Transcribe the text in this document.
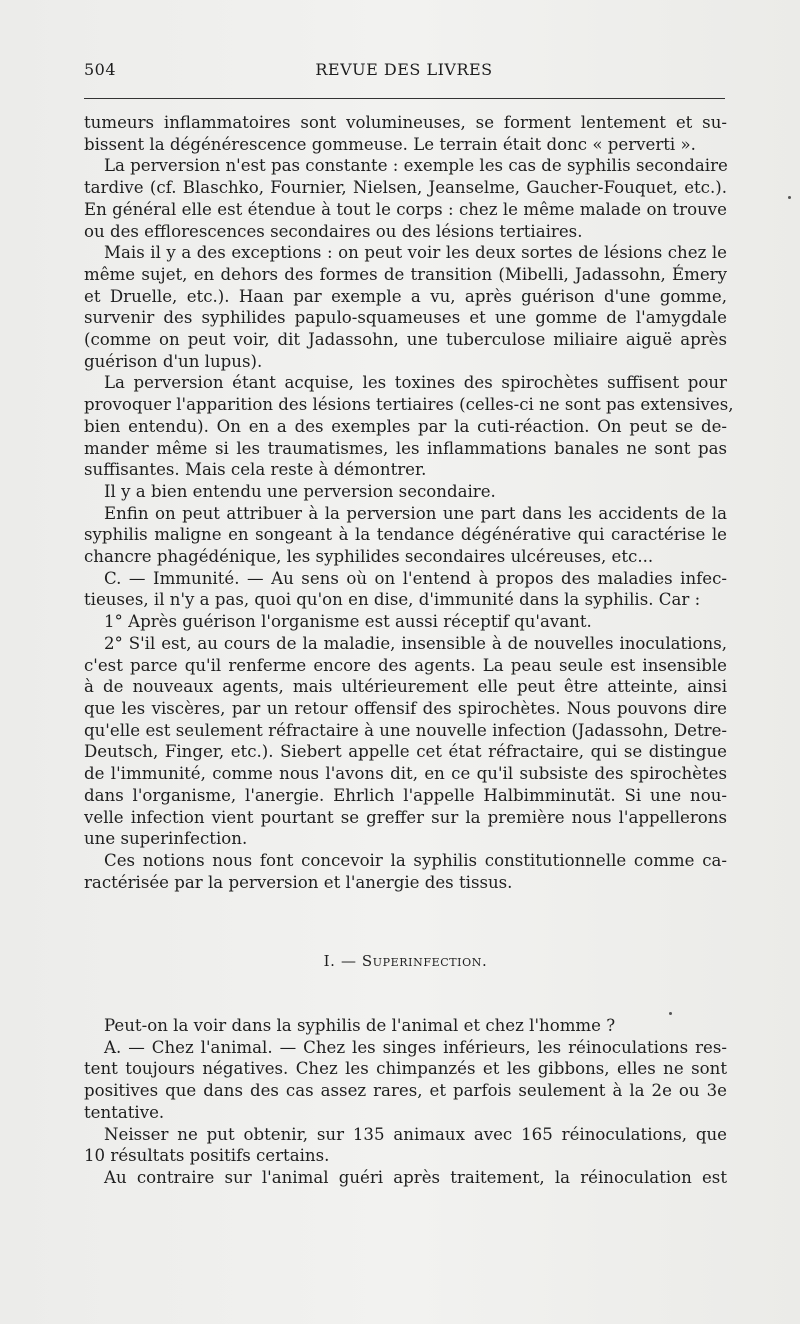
504	REVUE DES LIVRES
tumeurs inflammatoires sont volumineuses, se forment lentement et su-
bissent la dégénérescence gommeuse. Le terrain était donc « perverti ».
La perversion n'est pas constante : exemple les cas de syphilis secondaire
tardive (cf. Blaschko, Fournier, Nielsen, Jeanselme, Gaucher-Fouquet, etc.).
En général elle est étendue à tout le corps : chez le même malade on trouve
ou des efflorescences secondaires ou des lésions tertiaires.
Mais il y a des exceptions : on peut voir les deux sortes de lésions chez le
même sujet, en dehors des formes de transition (Mibelli, Jadassohn, Émery
et Druelle, etc.). Haan par exemple a vu, après guérison d'une gomme,
survenir des syphilides papulo-squameuses et une gomme de l'amygdale
(comme on peut voir, dit Jadassohn, une tuberculose miliaire aiguë après
guérison d'un lupus).
La perversion étant acquise, les toxines des spirochètes suffisent pour
provoquer l'apparition des lésions tertiaires (celles-ci ne sont pas extensives,
bien entendu). On en a des exemples par la cuti-réaction. On peut se de-
mander même si les traumatismes, les inflammations banales ne sont pas
suffisantes. Mais cela reste à démontrer.
Il y a bien entendu une perversion secondaire.
Enfin on peut attribuer à la perversion une part dans les accidents de la
syphilis maligne en songeant à la tendance dégénérative qui caractérise le
chancre phagédénique, les syphilides secondaires ulcéreuses, etc...
C. — Immunité. — Au sens où on l'entend à propos des maladies infec-
tieuses, il n'y a pas, quoi qu'on en dise, d'immunité dans la syphilis. Car :
1° Après guérison l'organisme est aussi réceptif qu'avant.
2° S'il est, au cours de la maladie, insensible à de nouvelles inoculations,
c'est parce qu'il renferme encore des agents. La peau seule est insensible
à de nouveaux agents, mais ultérieurement elle peut être atteinte, ainsi
que les viscères, par un retour offensif des spirochètes. Nous pouvons dire
qu'elle est seulement réfractaire à une nouvelle infection (Jadassohn, Detre-
Deutsch, Finger, etc.). Siebert appelle cet état réfractaire, qui se distingue
de l'immunité, comme nous l'avons dit, en ce qu'il subsiste des spirochètes
dans l'organisme, l'anergie. Ehrlich l'appelle Halbimminutät. Si une nou-
velle infection vient pourtant se greffer sur la première nous l'appellerons
une superinfection.
Ces notions nous font concevoir la syphilis constitutionnelle comme ca-
ractérisée par la perversion et l'anergie des tissus.
I. — Superinfection.
Peut-on la voir dans la syphilis de l'animal et chez l'homme ?
A. — Chez l'animal. — Chez les singes inférieurs, les réinoculations res-
tent toujours négatives. Chez les chimpanzés et les gibbons, elles ne sont
positives que dans des cas assez rares, et parfois seulement à la 2e ou 3e
tentative.
Neisser ne put obtenir, sur 135 animaux avec 165 réinoculations, que
10 résultats positifs certains.
Au contraire sur l'animal guéri après traitement, la réinoculation est
